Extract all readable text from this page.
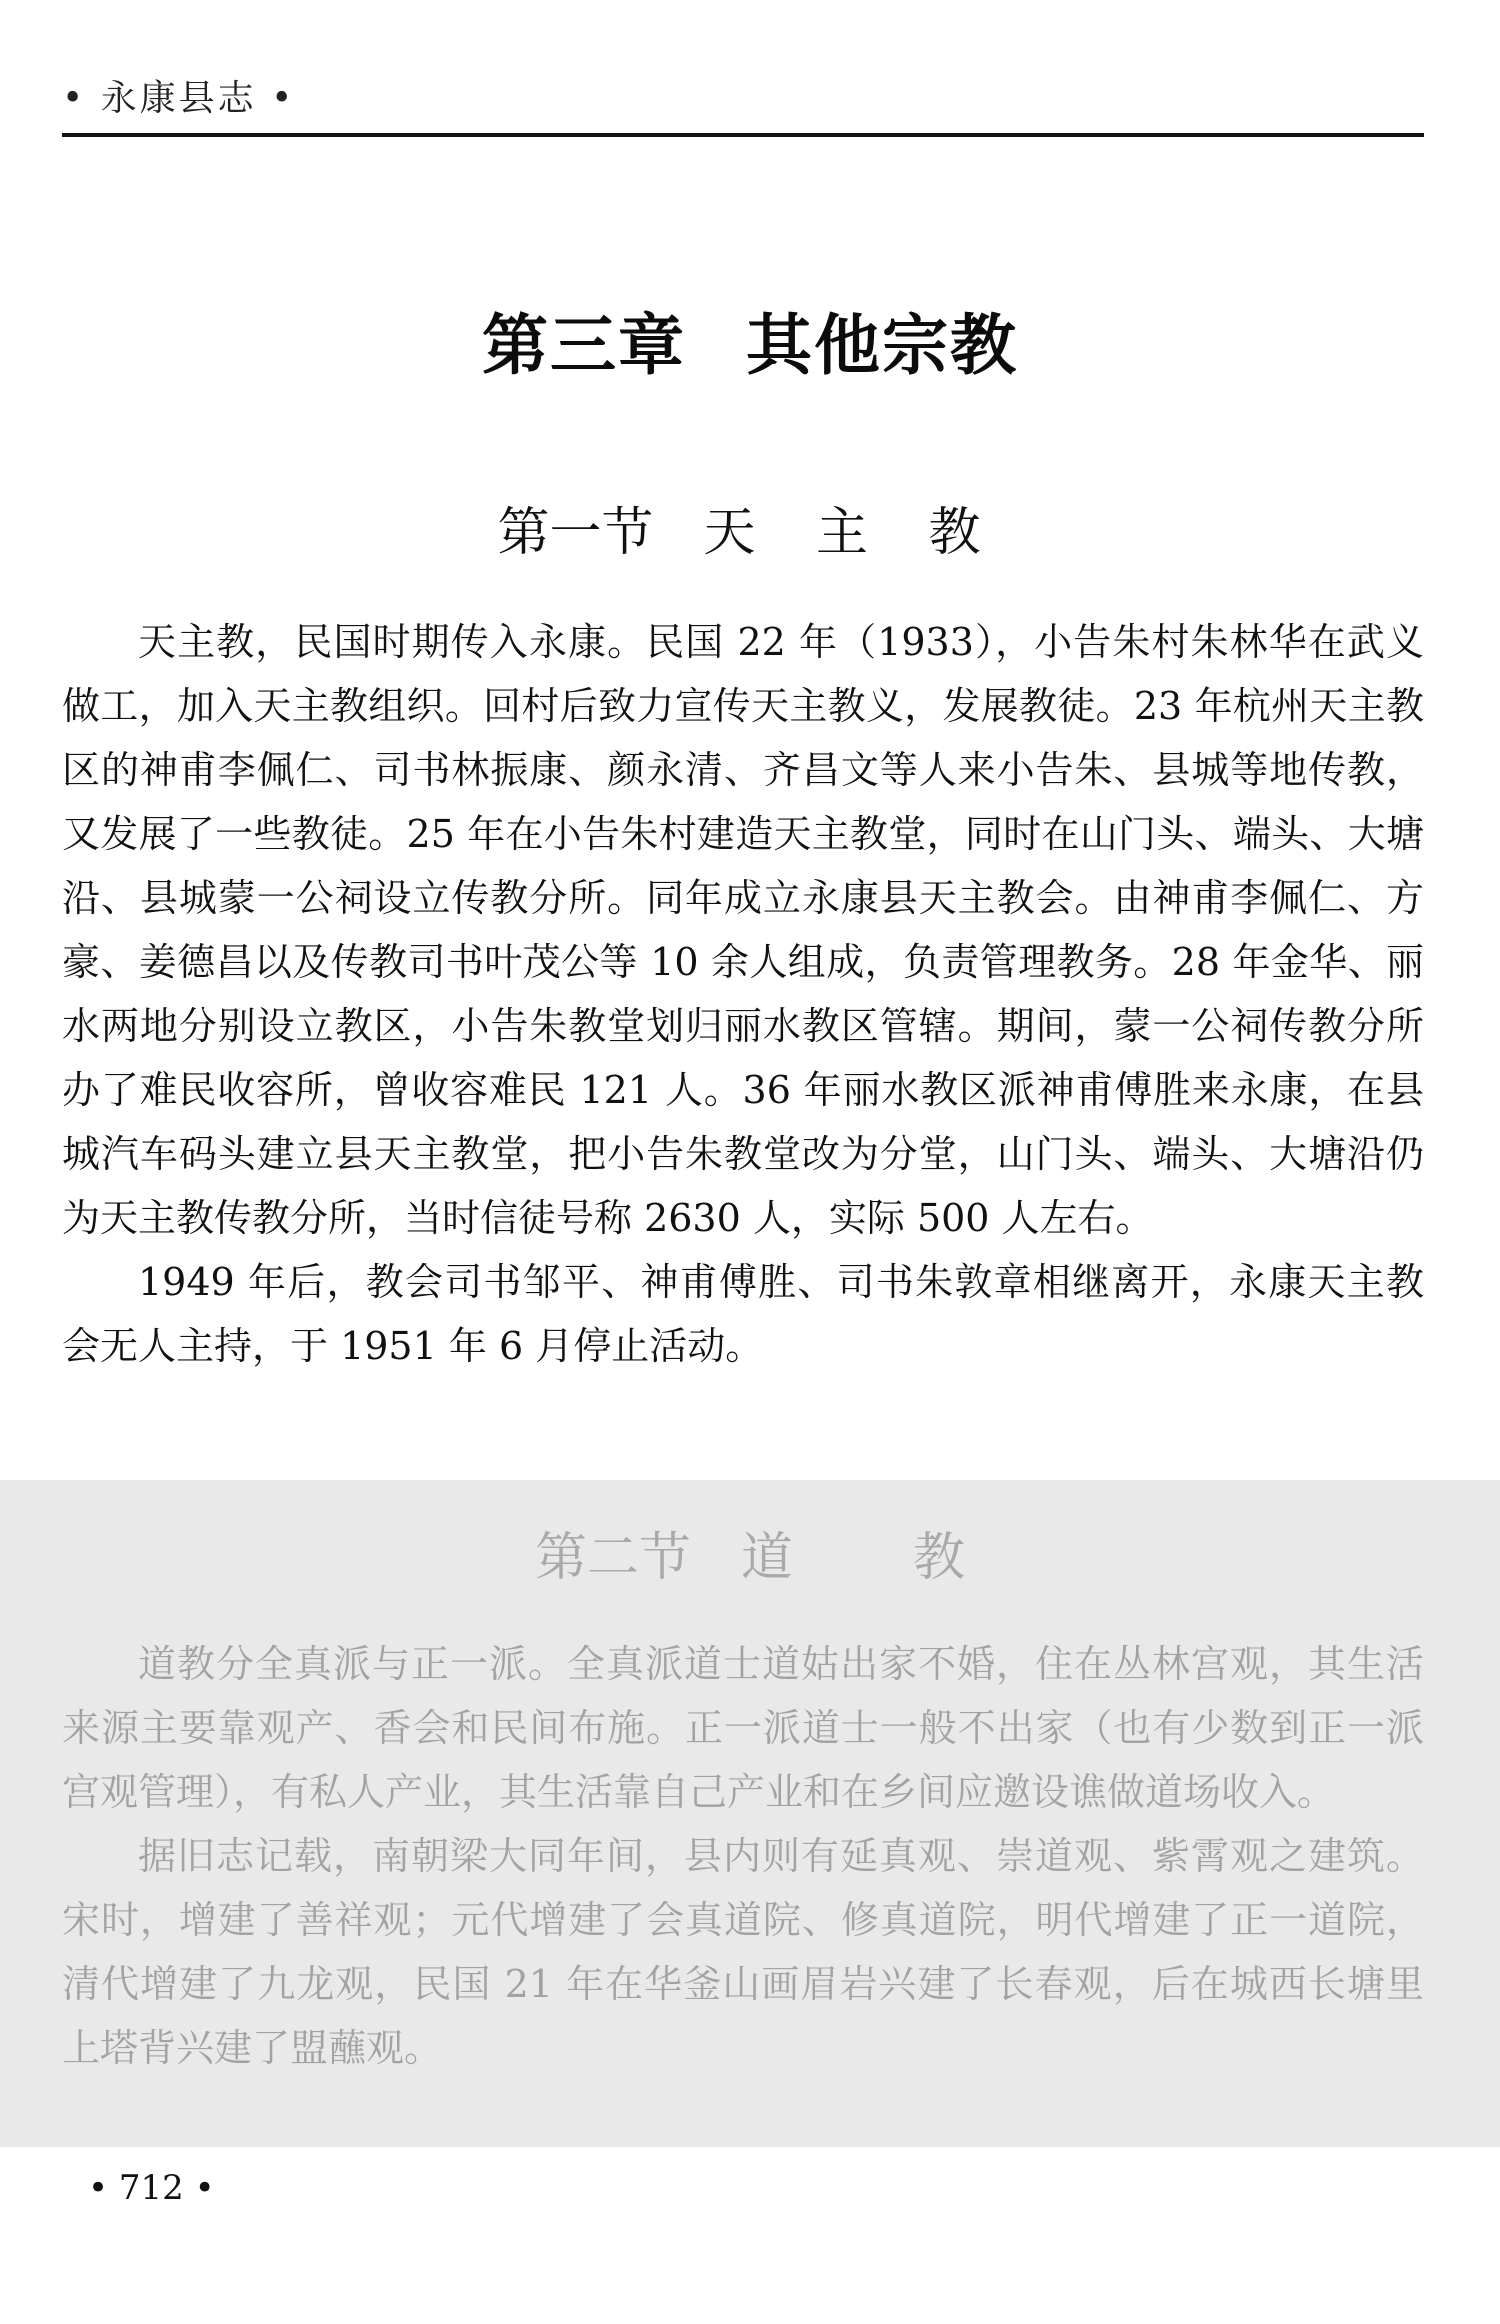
• 永康县志 •
第三章 其他宗教
第一节 天 主 教

天主教，民国时期传入永康。民国 22 年（1933），小告朱村朱林华在武义做工，加入天主教组织。回村后致力宣传天主教义，发展教徒。23 年杭州天主教区的神甫李佩仁、司书林振康、颜永清、齐昌文等人来小告朱、县城等地传教，又发展了一些教徒。25 年在小告朱村建造天主教堂，同时在山门头、端头、大塘沿、县城蒙一公祠设立传教分所。同年成立永康县天主教会。由神甫李佩仁、方豪、姜德昌以及传教司书叶茂公等 10 余人组成，负责管理教务。28 年金华、丽水两地分别设立教区，小告朱教堂划归丽水教区管辖。期间，蒙一公祠传教分所办了难民收容所，曾收容难民 121 人。36 年丽水教区派神甫傅胜来永康，在县城汽车码头建立县天主教堂，把小告朱教堂改为分堂，山门头、端头、大塘沿仍为天主教传教分所，当时信徒号称 2630 人，实际 500 人左右。

1949 年后，教会司书邹平、神甫傅胜、司书朱敦章相继离开，永康天主教会无人主持，于 1951 年 6 月停止活动。

第二节 道 教

道教分全真派与正一派。全真派道士道姑出家不婚，住在丛林宫观，其生活来源主要靠观产、香会和民间布施。正一派道士一般不出家（也有少数到正一派宫观管理），有私人产业，其生活靠自己产业和在乡间应邀设谯做道场收入。

据旧志记载，南朝梁大同年间，县内则有延真观、崇道观、紫霄观之建筑。宋时，增建了善祥观；元代增建了会真道院、修真道院，明代增建了正一道院，清代增建了九龙观，民国 21 年在华釜山画眉岩兴建了长春观，后在城西长塘里上塔背兴建了盟蘸观。

• 712 •
